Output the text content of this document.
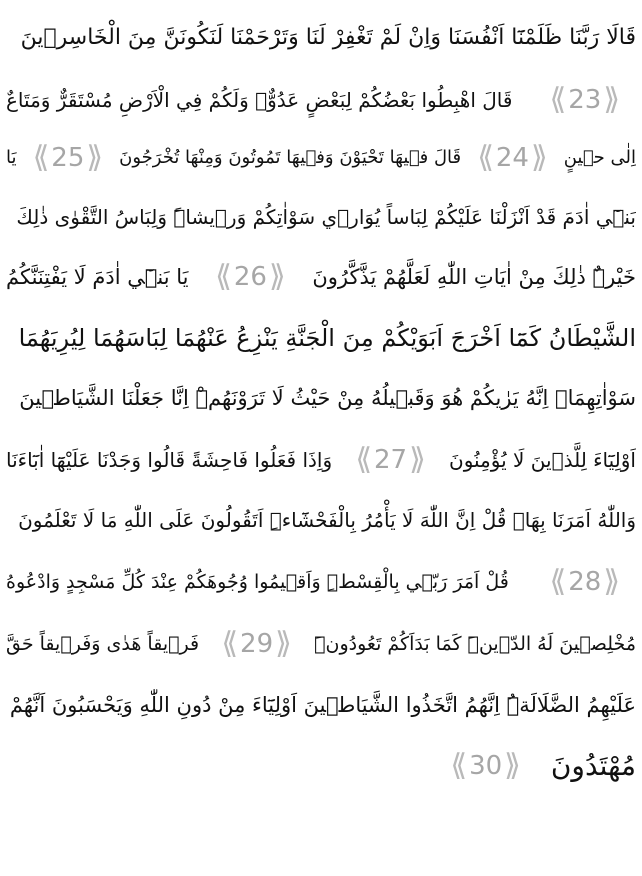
قَالَا رَبَّنَا ظَلَمْنَٓا اَنْفُسَنَا وَاِنْ لَمْ تَغْفِرْ لَنَا وَتَرْحَمْنَا لَنَكُونَنَّ مِنَ الْخَاسِر۪ينَ
⟪ 23 ⟫
قَالَ اهْبِطُوا بَعْضُكُمْ لِبَعْضٍ عَدُوٌّۚ وَلَكُمْ فِي الْاَرْضِ مُسْتَقَرٌّ وَمَتَاعٌ
اِلٰى ح۪ينٍ
⟪ 24 ⟫
قَالَ ف۪يهَا تَحْيَوْنَ وَف۪يهَا تَمُوتُونَ وَمِنْهَا تُخْرَجُونَ
⟪ 25 ⟫
يَا
بَن۪ٓي اٰدَمَ قَدْ اَنْزَلْنَا عَلَيْكُمْ لِبَاساً يُوَار۪ي سَوْاٰتِكُمْ وَر۪يشاًۜ وَلِبَاسُ التَّقْوٰى ذٰلِكَ
خَيْرٌۜ ذٰلِكَ مِنْ اٰيَاتِ اللّٰهِ لَعَلَّهُمْ يَذَّكَّرُونَ
⟪ 26 ⟫
يَا بَن۪ٓي اٰدَمَ لَا يَفْتِنَنَّكُمُ
الشَّيْطَانُ كَمَٓا اَخْرَجَ اَبَوَيْكُمْ مِنَ الْجَنَّةِ يَنْزِعُ عَنْهُمَا لِبَاسَهُمَا لِيُرِيَهُمَا
سَوْاٰتِهِمَاۜ اِنَّهُ يَرٰيكُمْ هُوَ وَقَب۪يلُهُ مِنْ حَيْثُ لَا تَرَوْنَهُمْۜ اِنَّا جَعَلْنَا الشَّيَاط۪ينَ
اَوْلِيَٓاءَ لِلَّذ۪ينَ لَا يُؤْمِنُونَ
⟪ 27 ⟫
وَاِذَا فَعَلُوا فَاحِشَةً قَالُوا وَجَدْنَا عَلَيْهَٓا اٰبَٓاءَنَا
وَاللّٰهُ اَمَرَنَا بِهَاۜ قُلْ اِنَّ اللّٰهَ لَا يَأْمُرُ بِالْفَحْشَٓاءِۜ اَتَقُولُونَ عَلَى اللّٰهِ مَا لَا تَعْلَمُونَ
⟪ 28 ⟫
قُلْ اَمَرَ رَبّ۪ي بِالْقِسْطِۜ وَاَق۪يمُوا وُجُوهَكُمْ عِنْدَ كُلِّ مَسْجِدٍ وَادْعُوهُ
مُخْلِص۪ينَ لَهُ الدّ۪ينَۜ كَمَا بَدَاَكُمْ تَعُودُونَۜ
⟪ 29 ⟫
فَر۪يقاً هَدٰى وَفَر۪يقاً حَقَّ
عَلَيْهِمُ الضَّلَالَةُۜ اِنَّهُمُ اتَّخَذُوا الشَّيَاط۪ينَ اَوْلِيَٓاءَ مِنْ دُونِ اللّٰهِ وَيَحْسَبُونَ اَنَّهُمْ
مُهْتَدُونَ
⟪ 30 ⟫
